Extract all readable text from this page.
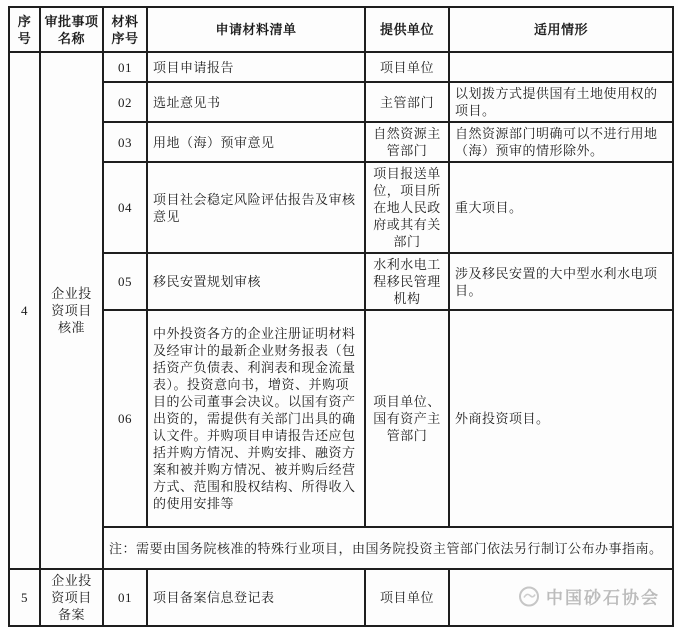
序号	审批事项 名称	材料 序号	申请材料清单	提供单位	适用情形
4	企业投资项目核准	01	项目申请报告	项目单位	
		02	选址意见书	主管部门	以划拨方式提供国有土地使用权的项目。
		03	用地（海）预审意见	自然资源主管部门	自然资源部门明确可以不进行用地（海）预审的情形除外。
		04	项目社会稳定风险评估报告及审核意见	项目报送单位，项目所在地人民政府或其有关部门	重大项目。
		05	移民安置规划审核	水利水电工程移民管理机构	涉及移民安置的大中型水利水电项目。
		06	中外投资各方的企业注册证明材料及经审计的最新企业财务报表（包括资产负债表、利润表和现金流量表）。投资意向书，增资、并购项目的公司董事会决议。以国有资产出资的，需提供有关部门出具的确认文件。并购项目申请报告还应包括并购方情况、并购安排、融资方案和被并购方情况、被并购后经营方式、范围和股权结构、所得收入的使用安排等	项目单位、国有资产主管部门	外商投资项目。
		注：需要由国务院核准的特殊行业项目，由国务院投资主管部门依法另行制订公布办事指南。			
5	企业投资项目备案	01	项目备案信息登记表	项目单位	中国砂石协会
